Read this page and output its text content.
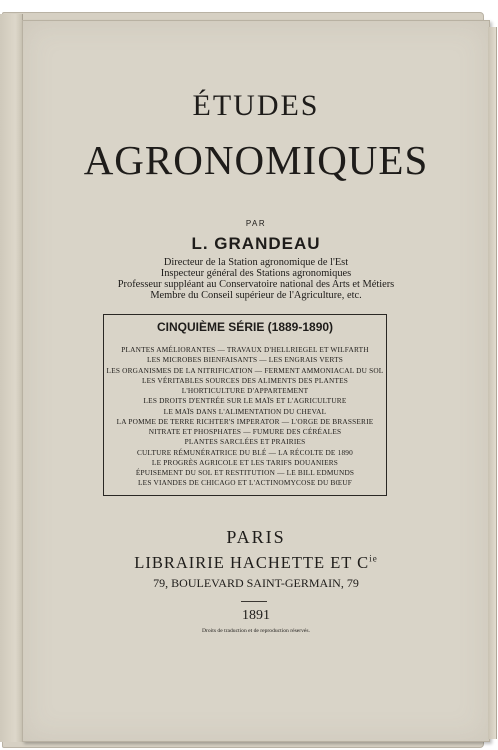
ÉTUDES
AGRONOMIQUES
PAR
L. GRANDEAU
Directeur de la Station agronomique de l'Est
Inspecteur général des Stations agronomiques
Professeur suppléant au Conservatoire national des Arts et Métiers
Membre du Conseil supérieur de l'Agriculture, etc.
CINQUIÈME SÉRIE (1889-1890)
PLANTES AMÉLIORANTES — TRAVAUX D'HELLRIEGEL ET WILFARTH
LES MICROBES BIENFAISANTS — LES ENGRAIS VERTS
LES ORGANISMES DE LA NITRIFICATION — FERMENT AMMONIACAL DU SOL
LES VÉRITABLES SOURCES DES ALIMENTS DES PLANTES
L'HORTICULTURE D'APPARTEMENT
LES DROITS D'ENTRÉE SUR LE MAÏS ET L'AGRICULTURE
LE MAÏS DANS L'ALIMENTATION DU CHEVAL
LA POMME DE TERRE RICHTER'S IMPERATOR — L'ORGE DE BRASSERIE
NITRATE ET PHOSPHATES — FUMURE DES CÉRÉALES
PLANTES SARCLÉES ET PRAIRIES
CULTURE RÉMUNÉRATRICE DU BLÉ — LA RÉCOLTE DE 1890
LE PROGRÈS AGRICOLE ET LES TARIFS DOUANIERS
ÉPUISEMENT DU SOL ET RESTITUTION — LE BILL EDMUNDS
LES VIANDES DE CHICAGO ET L'ACTINOMYCOSE DU BŒUF
PARIS
LIBRAIRIE HACHETTE ET $C^{ie}$
79, BOULEVARD SAINT-GERMAIN, 79
1891
Droits de traduction et de reproduction réservés.
